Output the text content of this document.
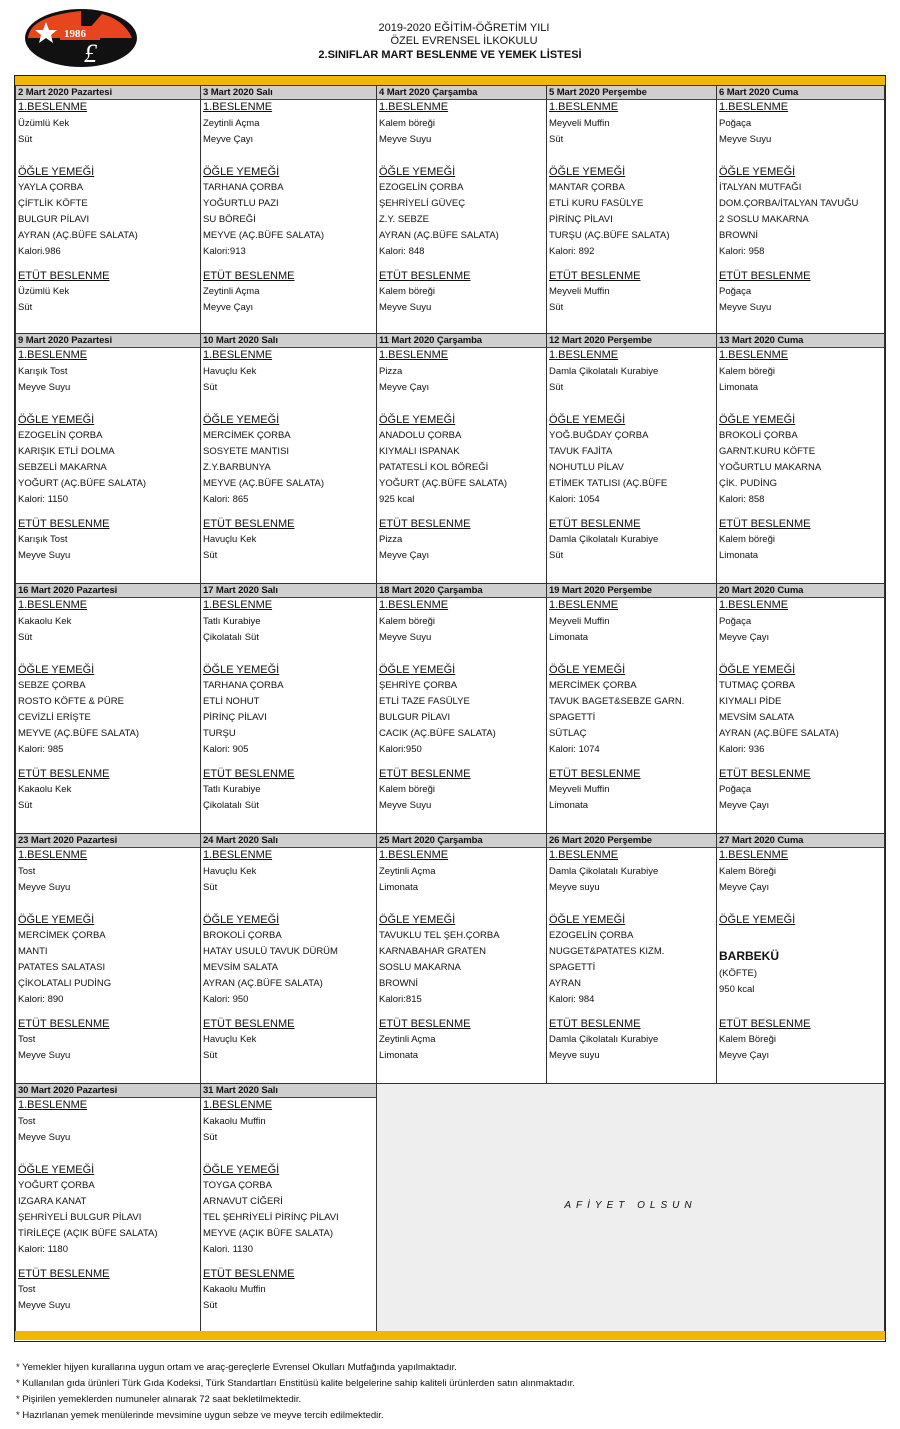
1986
£
2019-2020 EĞİTİM-ÖĞRETİM YILI
ÖZEL EVRENSEL İLKOKULU
2.SINIFLAR MART BESLENME VE YEMEK LİSTESİ
2 Mart 2020 Pazartesi
1.BESLENME
Üzümlü Kek
Süt
ÖĞLE YEMEĞİ
YAYLA ÇORBA
ÇİFTLİK KÖFTE
BULGUR PİLAVI
AYRAN (AÇ.BÜFE SALATA)
Kalori.986
ETÜT BESLENME
Üzümlü Kek
Süt
3 Mart 2020 Salı
1.BESLENME
Zeytinli Açma
Meyve Çayı
ÖĞLE YEMEĞİ
TARHANA ÇORBA
YOĞURTLU PAZI
SU BÖREĞİ
MEYVE (AÇ.BÜFE SALATA)
Kalori:913
ETÜT BESLENME
Zeytinli Açma
Meyve Çayı
4 Mart 2020 Çarşamba
1.BESLENME
Kalem böreği
Meyve Suyu
ÖĞLE YEMEĞİ
EZOGELİN ÇORBA
ŞEHRİYELİ GÜVEÇ
Z.Y. SEBZE
AYRAN (AÇ.BÜFE SALATA)
Kalori: 848
ETÜT BESLENME
Kalem böreği
Meyve Suyu
5 Mart 2020 Perşembe
1.BESLENME
Meyveli Muffin
Süt
ÖĞLE YEMEĞİ
MANTAR ÇORBA
ETLİ KURU FASÜLYE
PİRİNÇ PİLAVI
TURŞU (AÇ.BÜFE SALATA)
Kalori: 892
ETÜT BESLENME
Meyveli Muffin
Süt
6 Mart 2020 Cuma
1.BESLENME
Poğaça
Meyve Suyu
ÖĞLE YEMEĞİ
İTALYAN MUTFAĞI
DOM.ÇORBA/İTALYAN TAVUĞU
2 SOSLU MAKARNA
BROWNİ
Kalori: 958
ETÜT BESLENME
Poğaça
Meyve Suyu
9 Mart 2020 Pazartesi
1.BESLENME
Karışık Tost
Meyve Suyu
ÖĞLE YEMEĞİ
EZOGELİN ÇORBA
KARIŞIK ETLİ DOLMA
SEBZELİ MAKARNA
YOĞURT (AÇ.BÜFE SALATA)
Kalori: 1150
ETÜT BESLENME
Karışık Tost
Meyve Suyu
10 Mart 2020 Salı
1.BESLENME
Havuçlu Kek
Süt
ÖĞLE YEMEĞİ
MERCİMEK ÇORBA
SOSYETE MANTISI
Z.Y.BARBUNYA
MEYVE (AÇ.BÜFE SALATA)
Kalori: 865
ETÜT BESLENME
Havuçlu Kek
Süt
11 Mart 2020 Çarşamba
1.BESLENME
Pizza
Meyve Çayı
ÖĞLE YEMEĞİ
ANADOLU ÇORBA
KIYMALI ISPANAK
PATATESLİ KOL BÖREĞİ
YOĞURT (AÇ.BÜFE SALATA)
925 kcal
ETÜT BESLENME
Pizza
Meyve Çayı
12 Mart 2020 Perşembe
1.BESLENME
Damla Çikolatalı Kurabiye
Süt
ÖĞLE YEMEĞİ
YOĞ.BUĞDAY ÇORBA
TAVUK FAJİTA
NOHUTLU PİLAV
ETİMEK TATLISI (AÇ.BÜFE
Kalori: 1054
ETÜT BESLENME
Damla Çikolatalı Kurabiye
Süt
13 Mart 2020 Cuma
1.BESLENME
Kalem böreği
Limonata
ÖĞLE YEMEĞİ
BROKOLİ ÇORBA
GARNT.KURU KÖFTE
YOĞURTLU MAKARNA
ÇİK. PUDİNG
Kalori: 858
ETÜT BESLENME
Kalem böreği
Limonata
16 Mart 2020 Pazartesi
1.BESLENME
Kakaolu Kek
Süt
ÖĞLE YEMEĞİ
SEBZE ÇORBA
ROSTO KÖFTE & PÜRE
CEVİZLİ ERİŞTE
MEYVE (AÇ.BÜFE SALATA)
Kalori: 985
ETÜT BESLENME
Kakaolu Kek
Süt
17 Mart 2020 Salı
1.BESLENME
Tatlı Kurabiye
Çikolatalı Süt
ÖĞLE YEMEĞİ
TARHANA ÇORBA
ETLİ NOHUT
PİRİNÇ PİLAVI
TURŞU
Kalori: 905
ETÜT BESLENME
Tatlı Kurabiye
Çikolatalı Süt
18 Mart 2020 Çarşamba
1.BESLENME
Kalem böreği
Meyve Suyu
ÖĞLE YEMEĞİ
ŞEHRİYE ÇORBA
ETLİ TAZE FASÜLYE
BULGUR PİLAVI
CACIK (AÇ.BÜFE SALATA)
Kalori:950
ETÜT BESLENME
Kalem böreği
Meyve Suyu
19 Mart 2020 Perşembe
1.BESLENME
Meyveli Muffin
Limonata
ÖĞLE YEMEĞİ
MERCİMEK ÇORBA
TAVUK BAGET&SEBZE GARN.
SPAGETTİ
SÜTLAÇ
Kalori: 1074
ETÜT BESLENME
Meyveli Muffin
Limonata
20 Mart 2020 Cuma
1.BESLENME
Poğaça
Meyve Çayı
ÖĞLE YEMEĞİ
TUTMAÇ ÇORBA
KIYMALI PİDE
MEVSİM SALATA
AYRAN (AÇ.BÜFE SALATA)
Kalori: 936
ETÜT BESLENME
Poğaça
Meyve Çayı
23 Mart 2020 Pazartesi
1.BESLENME
Tost
Meyve Suyu
ÖĞLE YEMEĞİ
MERCİMEK ÇORBA
MANTI
PATATES SALATASI
ÇİKOLATALI PUDİNG
Kalori: 890
ETÜT BESLENME
Tost
Meyve Suyu
24 Mart 2020 Salı
1.BESLENME
Havuçlu Kek
Süt
ÖĞLE YEMEĞİ
BROKOLİ ÇORBA
HATAY USULÜ TAVUK DÜRÜM
MEVSİM SALATA
AYRAN (AÇ.BÜFE SALATA)
Kalori: 950
ETÜT BESLENME
Havuçlu Kek
Süt
25 Mart 2020 Çarşamba
1.BESLENME
Zeytinli Açma
Limonata
ÖĞLE YEMEĞİ
TAVUKLU TEL ŞEH.ÇORBA
KARNABAHAR GRATEN
SOSLU MAKARNA
BROWNİ
Kalori:815
ETÜT BESLENME
Zeytinli Açma
Limonata
26 Mart 2020 Perşembe
1.BESLENME
Damla Çikolatalı Kurabiye
Meyve suyu
ÖĞLE YEMEĞİ
EZOGELİN ÇORBA
NUGGET&PATATES KIZM.
SPAGETTİ
AYRAN
Kalori: 984
ETÜT BESLENME
Damla Çikolatalı Kurabiye
Meyve suyu
27 Mart 2020 Cuma
1.BESLENME
Kalem Böreği
Meyve Çayı
ÖĞLE YEMEĞİ
BARBEKÜ
(KÖFTE)
950 kcal
ETÜT BESLENME
Kalem Böreği
Meyve Çayı
30 Mart 2020 Pazartesi
1.BESLENME
Tost
Meyve Suyu
ÖĞLE YEMEĞİ
YOĞURT ÇORBA
IZGARA KANAT
ŞEHRİYELİ BULGUR PİLAVI
TİRİLEÇE (AÇIK BÜFE SALATA)
Kalori: 1180
ETÜT BESLENME
Tost
Meyve Suyu
31 Mart 2020 Salı
1.BESLENME
Kakaolu Muffin
Süt
ÖĞLE YEMEĞİ
TOYGA ÇORBA
ARNAVUT CİĞERİ
TEL ŞEHRİYELİ PİRİNÇ PİLAVI
MEYVE (AÇIK BÜFE SALATA)
Kalori. 1130
ETÜT BESLENME
Kakaolu Muffin
Süt
AFİYET OLSUN
* Yemekler hijyen kurallarına uygun ortam ve araç-gereçlerle Evrensel Okulları Mutfağında yapılmaktadır.
* Kullanılan gıda ürünleri Türk Gıda Kodeksi, Türk Standartları Enstitüsü kalite belgelerine sahip kaliteli ürünlerden satın alınmaktadır.
* Pişirilen yemeklerden numuneler alınarak 72 saat bekletilmektedir.
* Hazırlanan yemek menülerinde mevsimine uygun sebze ve meyve tercih edilmektedir.
